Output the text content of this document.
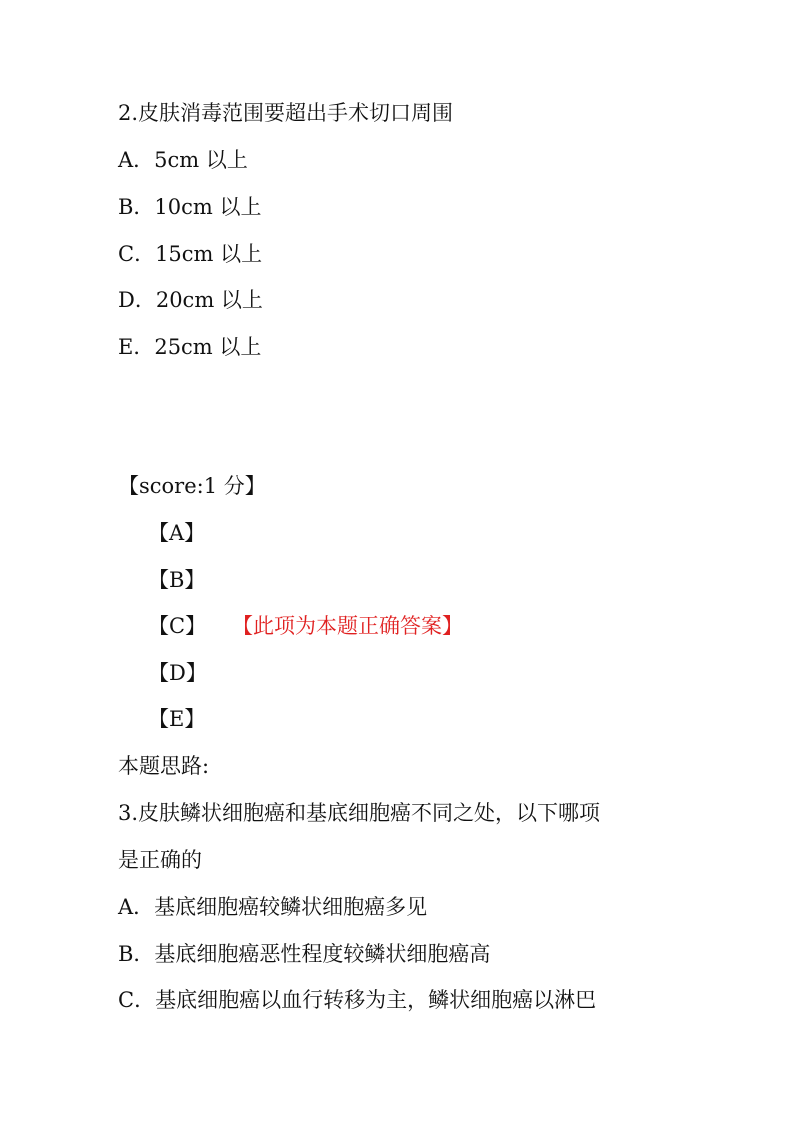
2.皮肤消毒范围要超出手术切口周围
A．5cm 以上
B．10cm 以上
C．15cm 以上
D．20cm 以上
E．25cm 以上
【score:1 分】
【A】
【B】
【C】 【此项为本题正确答案】
【D】
【E】
本题思路:
3.皮肤鳞状细胞癌和基底细胞癌不同之处，以下哪项
是正确的
A．基底细胞癌较鳞状细胞癌多见
B．基底细胞癌恶性程度较鳞状细胞癌高
C．基底细胞癌以血行转移为主，鳞状细胞癌以淋巴
